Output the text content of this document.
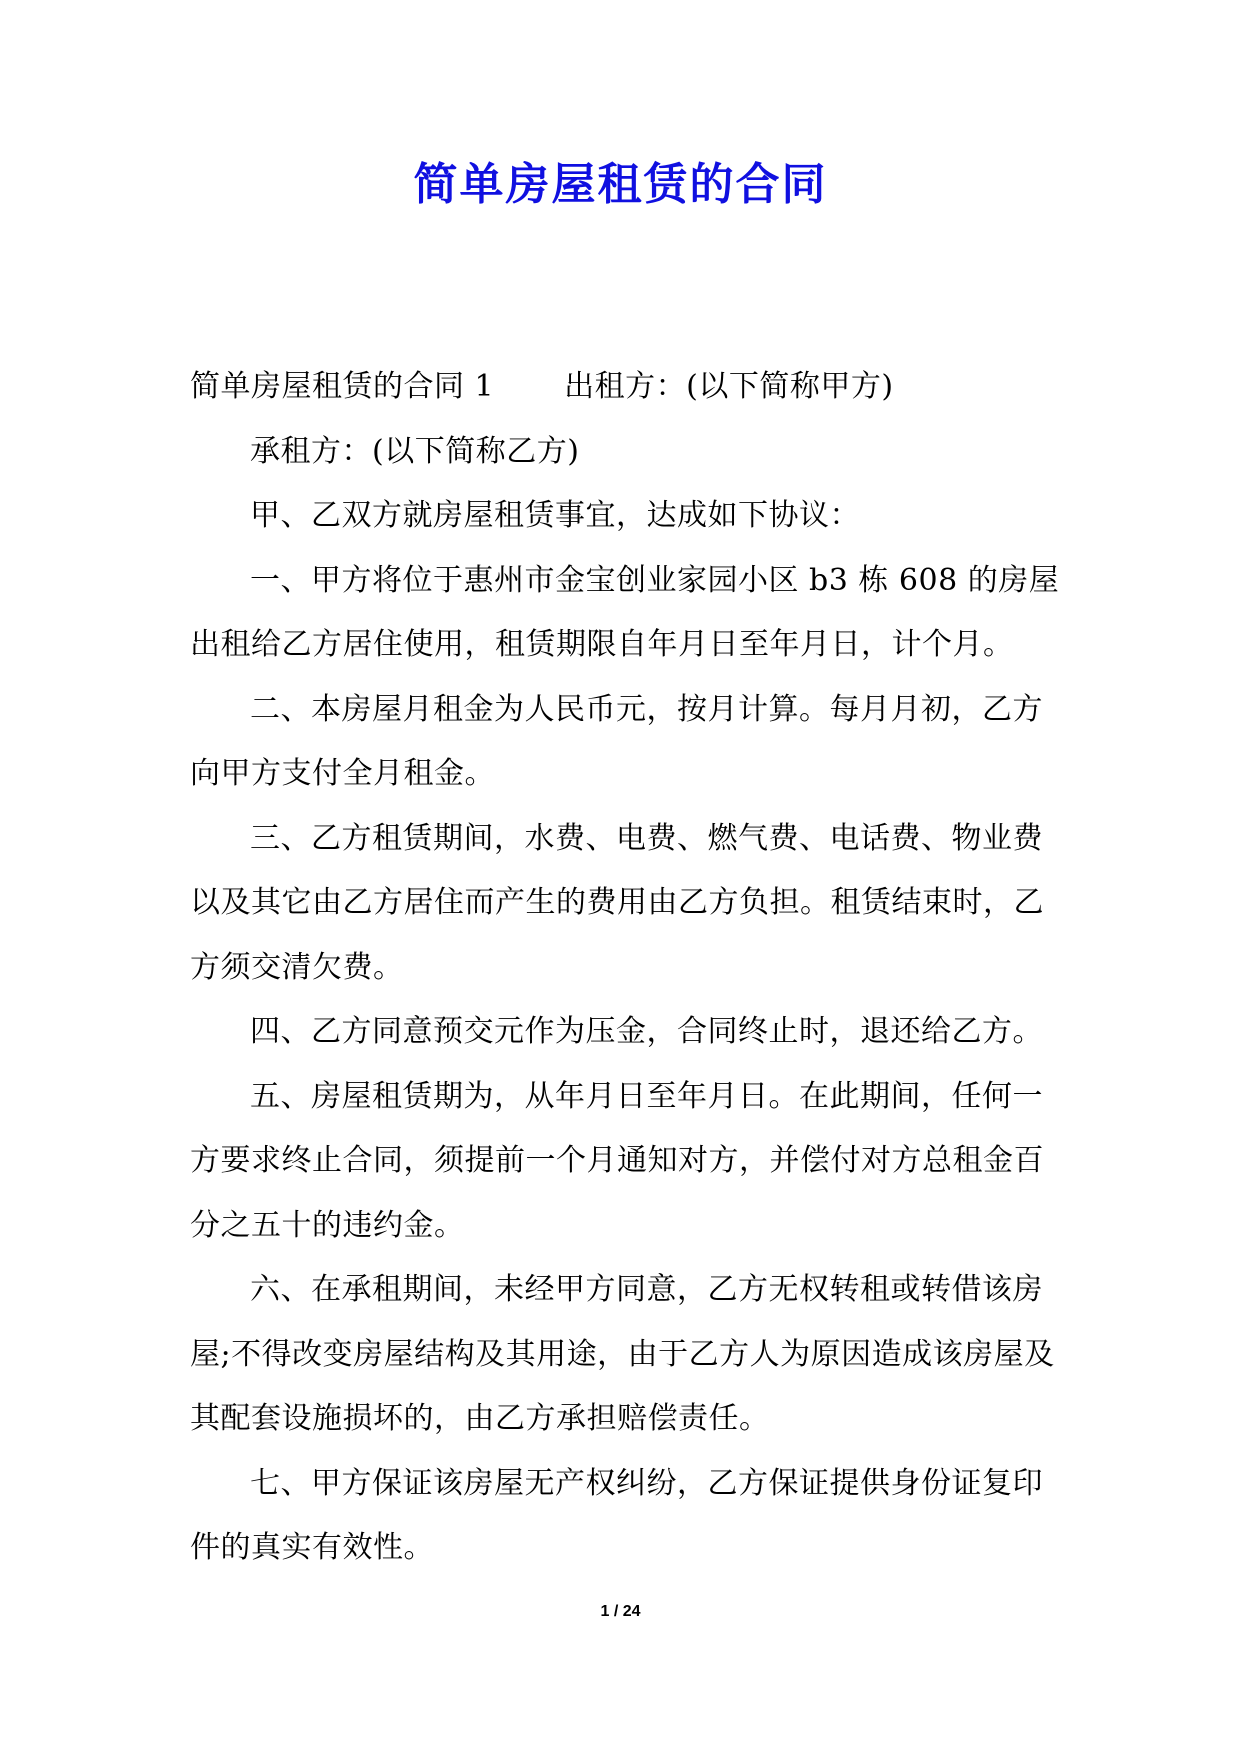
简单房屋租赁的合同

简单房屋租赁的合同 1 出租方：(以下简称甲方)

承租方：(以下简称乙方)

甲、乙双方就房屋租赁事宜，达成如下协议：

一、甲方将位于惠州市金宝创业家园小区 b3 栋 608 的房屋出租给乙方居住使用，租赁期限自年月日至年月日，计个月。

二、本房屋月租金为人民币元，按月计算。每月月初，乙方向甲方支付全月租金。

三、乙方租赁期间，水费、电费、燃气费、电话费、物业费以及其它由乙方居住而产生的费用由乙方负担。租赁结束时，乙方须交清欠费。

四、乙方同意预交元作为压金，合同终止时，退还给乙方。

五、房屋租赁期为，从年月日至年月日。在此期间，任何一方要求终止合同，须提前一个月通知对方，并偿付对方总租金百分之五十的违约金。

六、在承租期间，未经甲方同意，乙方无权转租或转借该房屋;不得改变房屋结构及其用途，由于乙方人为原因造成该房屋及其配套设施损坏的，由乙方承担赔偿责任。

七、甲方保证该房屋无产权纠纷，乙方保证提供身份证复印件的真实有效性。

1 / 24
